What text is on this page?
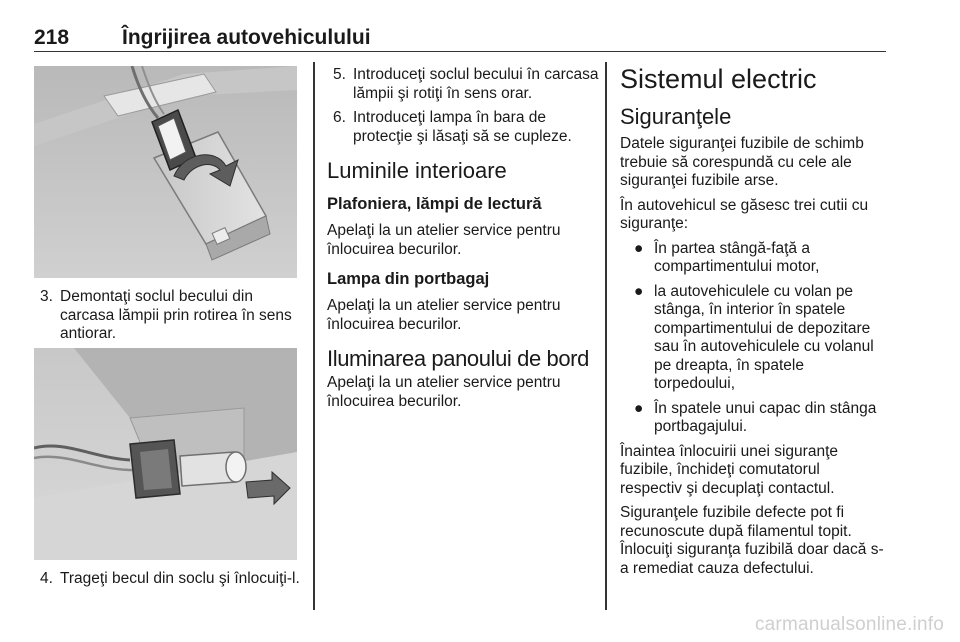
218	Îngrijirea autovehiculului
3. Demontaţi soclul becului din carcasa lămpii prin rotirea în sens antiorar.
4. Trageţi becul din soclu şi înlocuiţi-l.
5. Introduceţi soclul becului în carcasa lămpii şi rotiţi în sens orar.
6. Introduceţi lampa în bara de protecţie şi lăsaţi să se cupleze.
Luminile interioare
Plafoniera, lămpi de lectură

Apelaţi la un atelier service pentru înlocuirea becurilor.

Lampa din portbagaj

Apelaţi la un atelier service pentru înlocuirea becurilor.

Iluminarea panoului de bord

Apelaţi la un atelier service pentru înlocuirea becurilor.

Sistemul electric
Siguranţele

Datele siguranţei fuzibile de schimb trebuie să corespundă cu cele ale siguranţei fuzibile arse.

În autovehicul se găsesc trei cutii cu siguranţe:

● În partea stângă-faţă a compartimentului motor,
● la autovehiculele cu volan pe stânga, în interior în spatele compartimentului de depozitare sau în autovehiculele cu volanul pe dreapta, în spatele torpedoului,
● În spatele unui capac din stânga portbagajului.

Înaintea înlocuirii unei siguranţe fuzibile, închideţi comutatorul respectiv şi decuplaţi contactul.

Siguranţele fuzibile defecte pot fi recunoscute după filamentul topit. Înlocuiţi siguranţa fuzibilă doar dacă s-a remediat cauza defectului.

carmanualsonline.info
